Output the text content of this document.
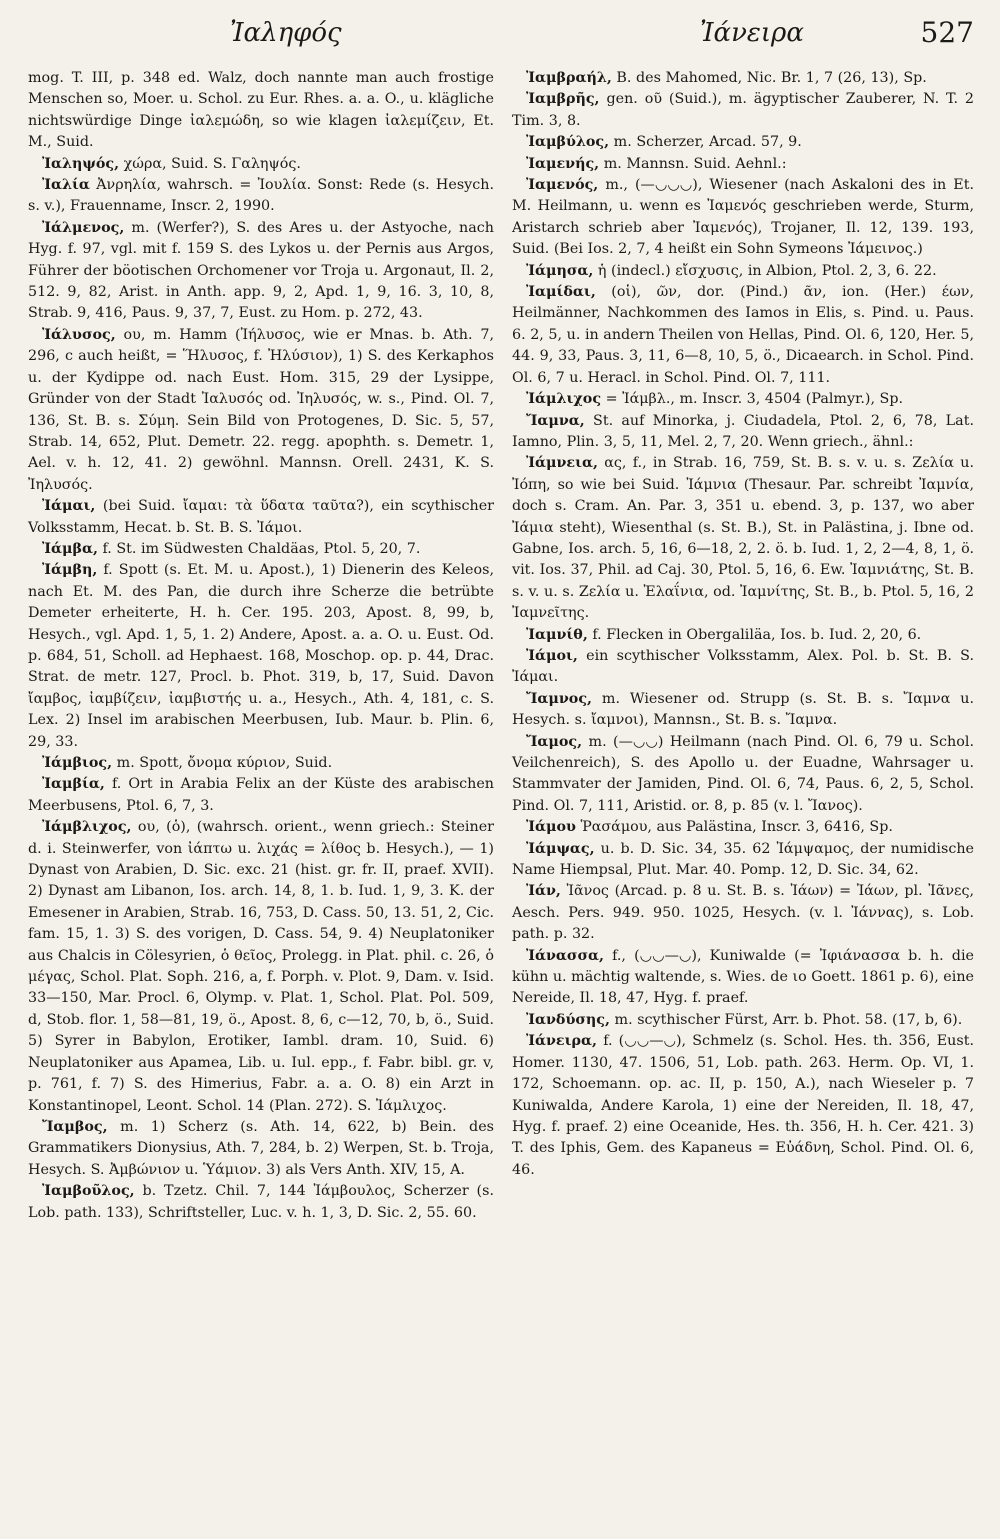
Ἰαληφός	Ἰάνειρα	527

mog. T. III, p. 348 ed. Walz, doch nannte man auch frostige Menschen so, Moer. u. Schol. zu Eur. Rhes. a. a. O., u. klägliche nichtswürdige Dinge ἰαλεμώδη, so wie klagen ἰαλεμίζειν, Et. M., Suid.

Ἰαληψός, χώρα, Suid. S. Γαληψός.

Ἰαλία Ἀνρηλία, wahrsch. = Ἰουλία. Sonst: Rede (s. Hesych. s. v.), Frauenname, Inscr. 2, 1990.

Ἰάλμενος, m. (Werfer?), S. des Ares u. der Astyoche, nach Hyg. f. 97, vgl. mit f. 159 S. des Lykos u. der Pernis aus Argos, Führer der böotischen Orchomener vor Troja u. Argonaut, Il. 2, 512. 9, 82, Arist. in Anth. app. 9, 2, Apd. 1, 9, 16. 3, 10, 8, Strab. 9, 416, Paus. 9, 37, 7, Eust. zu Hom. p. 272, 43.

Ἰάλυσος, ου, m. Hamm (Ἰήλυσος, wie er Mnas. b. Ath. 7, 296, c auch heißt, = Ἥλυσος, f. Ἠλύσιον), 1) S. des Kerkaphos u. der Kydippe od. nach Eust. Hom. 315, 29 der Lysippe, Gründer von der Stadt Ἰαλυσός od. Ἰηλυσός, w. s., Pind. Ol. 7, 136, St. B. s. Σύμη. Sein Bild von Protogenes, D. Sic. 5, 57, Strab. 14, 652, Plut. Demetr. 22. regg. apophth. s. Demetr. 1, Ael. v. h. 12, 41. 2) gewöhnl. Mannsn. Orell. 2431, K. S. Ἰηλυσός.

Ἰάμαι, (bei Suid. ἴαμαι: τὰ ὕδατα ταῦτα?), ein scythischer Volksstamm, Hecat. b. St. B. S. Ἰάμοι.

Ἰάμβα, f. St. im Südwesten Chaldäas, Ptol. 5, 20, 7.

Ἰάμβη, f. Spott (s. Et. M. u. Apost.), 1) Dienerin des Keleos, nach Et. M. des Pan, die durch ihre Scherze die betrübte Demeter erheiterte, H. h. Cer. 195. 203, Apost. 8, 99, b, Hesych., vgl. Apd. 1, 5, 1. 2) Andere, Apost. a. a. O. u. Eust. Od. p. 684, 51, Scholl. ad Hephaest. 168, Moschop. op. p. 44, Drac. Strat. de metr. 127, Procl. b. Phot. 319, b, 17, Suid. Davon ἴαμβος, ἰαμβίζειν, ἰαμβιστής u. a., Hesych., Ath. 4, 181, c. S. Lex. 2) Insel im arabischen Meerbusen, Iub. Maur. b. Plin. 6, 29, 33.

Ἰάμβιος, m. Spott, ὄνομα κύριον, Suid.

Ἰαμβία, f. Ort in Arabia Felix an der Küste des arabischen Meerbusens, Ptol. 6, 7, 3.

Ἰάμβλιχος, ου, (ὁ), (wahrsch. orient., wenn griech.: Steiner d. i. Steinwerfer, von ἰάπτω u. λιχάς = λίθος b. Hesych.), — 1) Dynast von Arabien, D. Sic. exc. 21 (hist. gr. fr. II, praef. XVII). 2) Dynast am Libanon, Ios. arch. 14, 8, 1. b. Iud. 1, 9, 3. K. der Emesener in Arabien, Strab. 16, 753, D. Cass. 50, 13. 51, 2, Cic. fam. 15, 1. 3) S. des vorigen, D. Cass. 54, 9. 4) Neuplatoniker aus Chalcis in Cölesyrien, ὁ θεῖος, Prolegg. in Plat. phil. c. 26, ὁ μέγας, Schol. Plat. Soph. 216, a, f. Porph. v. Plot. 9, Dam. v. Isid. 33—150, Mar. Procl. 6, Olymp. v. Plat. 1, Schol. Plat. Pol. 509, d, Stob. flor. 1, 58—81, 19, ö., Apost. 8, 6, c—12, 70, b, ö., Suid. 5) Syrer in Babylon, Erotiker, Iambl. dram. 10, Suid. 6) Neuplatoniker aus Apamea, Lib. u. Iul. epp., f. Fabr. bibl. gr. v, p. 761, f. 7) S. des Himerius, Fabr. a. a. O. 8) ein Arzt in Konstantinopel, Leont. Schol. 14 (Plan. 272). S. Ἰάμλιχος.

Ἴαμβος, m. 1) Scherz (s. Ath. 14, 622, b) Bein. des Grammatikers Dionysius, Ath. 7, 284, b. 2) Werpen, St. b. Troja, Hesych. S. Ἀμβώνιον u. Ὑάμιον. 3) als Vers Anth. XIV, 15, A.

Ἰαμβοῦλος, b. Tzetz. Chil. 7, 144 Ἰάμβουλος, Scherzer (s. Lob. path. 133), Schriftsteller, Luc. v. h. 1, 3, D. Sic. 2, 55. 60.

Ἰαμβραήλ, B. des Mahomed, Nic. Br. 1, 7 (26, 13), Sp.

Ἰαμβρῆς, gen. οῦ (Suid.), m. ägyptischer Zauberer, N. T. 2 Tim. 3, 8.

Ἰαμβύλος, m. Scherzer, Arcad. 57, 9.

Ἰαμενής, m. Mannsn. Suid. Aehnl.:

Ἰαμενός, m., (—◡◡◡), Wiesener (nach Askaloni des in Et. M. Heilmann, u. wenn es Ἰαμενός geschrieben werde, Sturm, Aristarch schrieb aber Ἰαμενός), Trojaner, Il. 12, 139. 193, Suid. (Bei Ios. 2, 7, 4 heißt ein Sohn Symeons Ἰάμεινος.)

Ἰάμησα, ἡ (indecl.) εἴσχυσις, in Albion, Ptol. 2, 3, 6. 22.

Ἰαμίδαι, (οἱ), ῶν, dor. (Pind.) ᾶν, ion. (Her.) έων, Heilmänner, Nachkommen des Iamos in Elis, s. Pind. u. Paus. 6. 2, 5, u. in andern Theilen von Hellas, Pind. Ol. 6, 120, Her. 5, 44. 9, 33, Paus. 3, 11, 6—8, 10, 5, ö., Dicaearch. in Schol. Pind. Ol. 6, 7 u. Heracl. in Schol. Pind. Ol. 7, 111.

Ἰάμλιχος = Ἰάμβλ., m. Inscr. 3, 4504 (Palmyr.), Sp.

Ἴαμνα, St. auf Minorka, j. Ciudadela, Ptol. 2, 6, 78, Lat. Iamno, Plin. 3, 5, 11, Mel. 2, 7, 20. Wenn griech., ähnl.:

Ἰάμνεια, ας, f., in Strab. 16, 759, St. B. s. v. u. s. Ζελία u. Ἰόπη, so wie bei Suid. Ἰάμνια (Thesaur. Par. schreibt Ἰαμνία, doch s. Cram. An. Par. 3, 351 u. ebend. 3, p. 137, wo aber Ἰάμια steht), Wiesenthal (s. St. B.), St. in Palästina, j. Ibne od. Gabne, Ios. arch. 5, 16, 6—18, 2, 2. ö. b. Iud. 1, 2, 2—4, 8, 1, ö. vit. Ios. 37, Phil. ad Caj. 30, Ptol. 5, 16, 6. Ew. Ἰαμνιάτης, St. B. s. v. u. s. Ζελία u. Ἐλαΐνια, od. Ἰαμνίτης, St. B., b. Ptol. 5, 16, 2 Ἰαμνεῖτης.

Ἰαμνίθ, f. Flecken in Obergaliläa, Ios. b. Iud. 2, 20, 6.

Ἰάμοι, ein scythischer Volksstamm, Alex. Pol. b. St. B. S. Ἰάμαι.

Ἴαμνος, m. Wiesener od. Strupp (s. St. B. s. Ἴαμνα u. Hesych. s. ἴαμνοι), Mannsn., St. B. s. Ἴαμνα.

Ἴαμος, m. (—◡◡) Heilmann (nach Pind. Ol. 6, 79 u. Schol. Veilchenreich), S. des Apollo u. der Euadne, Wahrsager u. Stammvater der Jamiden, Pind. Ol. 6, 74, Paus. 6, 2, 5, Schol. Pind. Ol. 7, 111, Aristid. or. 8, p. 85 (v. l. Ἴανος).

Ἰάμου Ῥασάμου, aus Palästina, Inscr. 3, 6416, Sp.

Ἰάμψας, u. b. D. Sic. 34, 35. 62 Ἰάμψαμος, der numidische Name Hiempsal, Plut. Mar. 40. Pomp. 12, D. Sic. 34, 62.

Ἰάν, Ἰᾶνος (Arcad. p. 8 u. St. B. s. Ἰάων) = Ἰάων, pl. Ἰᾶνες, Aesch. Pers. 949. 950. 1025, Hesych. (v. l. Ἰάννας), s. Lob. path. p. 32.

Ἰάνασσα, f., (◡◡—◡), Kuniwalde (= Ἰφιάνασσα b. h. die kühn u. mächtig waltende, s. Wies. de ιο Goett. 1861 p. 6), eine Nereide, Il. 18, 47, Hyg. f. praef.

Ἰανδύσης, m. scythischer Fürst, Arr. b. Phot. 58. (17, b, 6).

Ἰάνειρα, f. (◡◡—◡), Schmelz (s. Schol. Hes. th. 356, Eust. Homer. 1130, 47. 1506, 51, Lob. path. 263. Herm. Op. VI, 1. 172, Schoemann. op. ac. II, p. 150, A.), nach Wieseler p. 7 Kuniwalda, Andere Karola, 1) eine der Nereiden, Il. 18, 47, Hyg. f. praef. 2) eine Oceanide, Hes. th. 356, H. h. Cer. 421. 3) T. des Iphis, Gem. des Kapaneus = Εὐάδνη, Schol. Pind. Ol. 6, 46.
